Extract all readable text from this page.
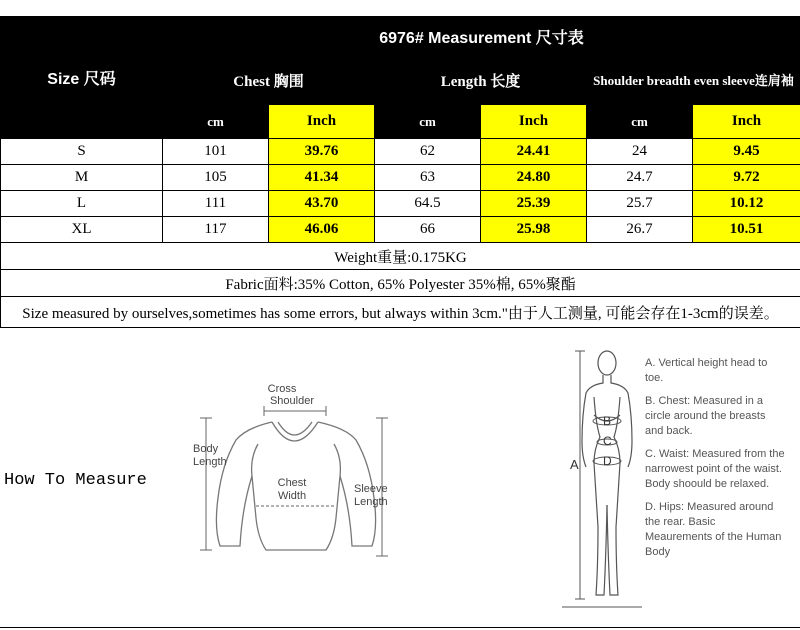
Size 尺码	6976# Measurement 尺寸表					
	Chest 胸围		Length 长度		Shoulder breadth even sleeve连肩袖	
	cm	Inch	cm	Inch	cm	Inch
S	101	39.76	62	24.41	24	9.45
M	105	41.34	63	24.80	24.7	9.72
L	111	43.70	64.5	25.39	25.7	10.12
XL	117	46.06	66	25.98	26.7	10.51
Weight重量:0.175KG						
Fabric面料:35% Cotton, 65% Polyester 35%棉, 65%聚酯						
Size measured by ourselves,sometimes has some errors, but always within 3cm."由于人工测量, 可能会存在1-3cm的误差。						
How To Measure
Cross
Shoulder
Body
Length
Chest
Width
Sleeve
Length
A
B
C
D
A. Vertical height head to toe.
B. Chest: Measured in a circle around the breasts and back.
C. Waist: Measured from the narrowest point of the waist. Body shoould be relaxed.
D. Hips: Measured around the rear. Basic Meaurements of the Human Body
